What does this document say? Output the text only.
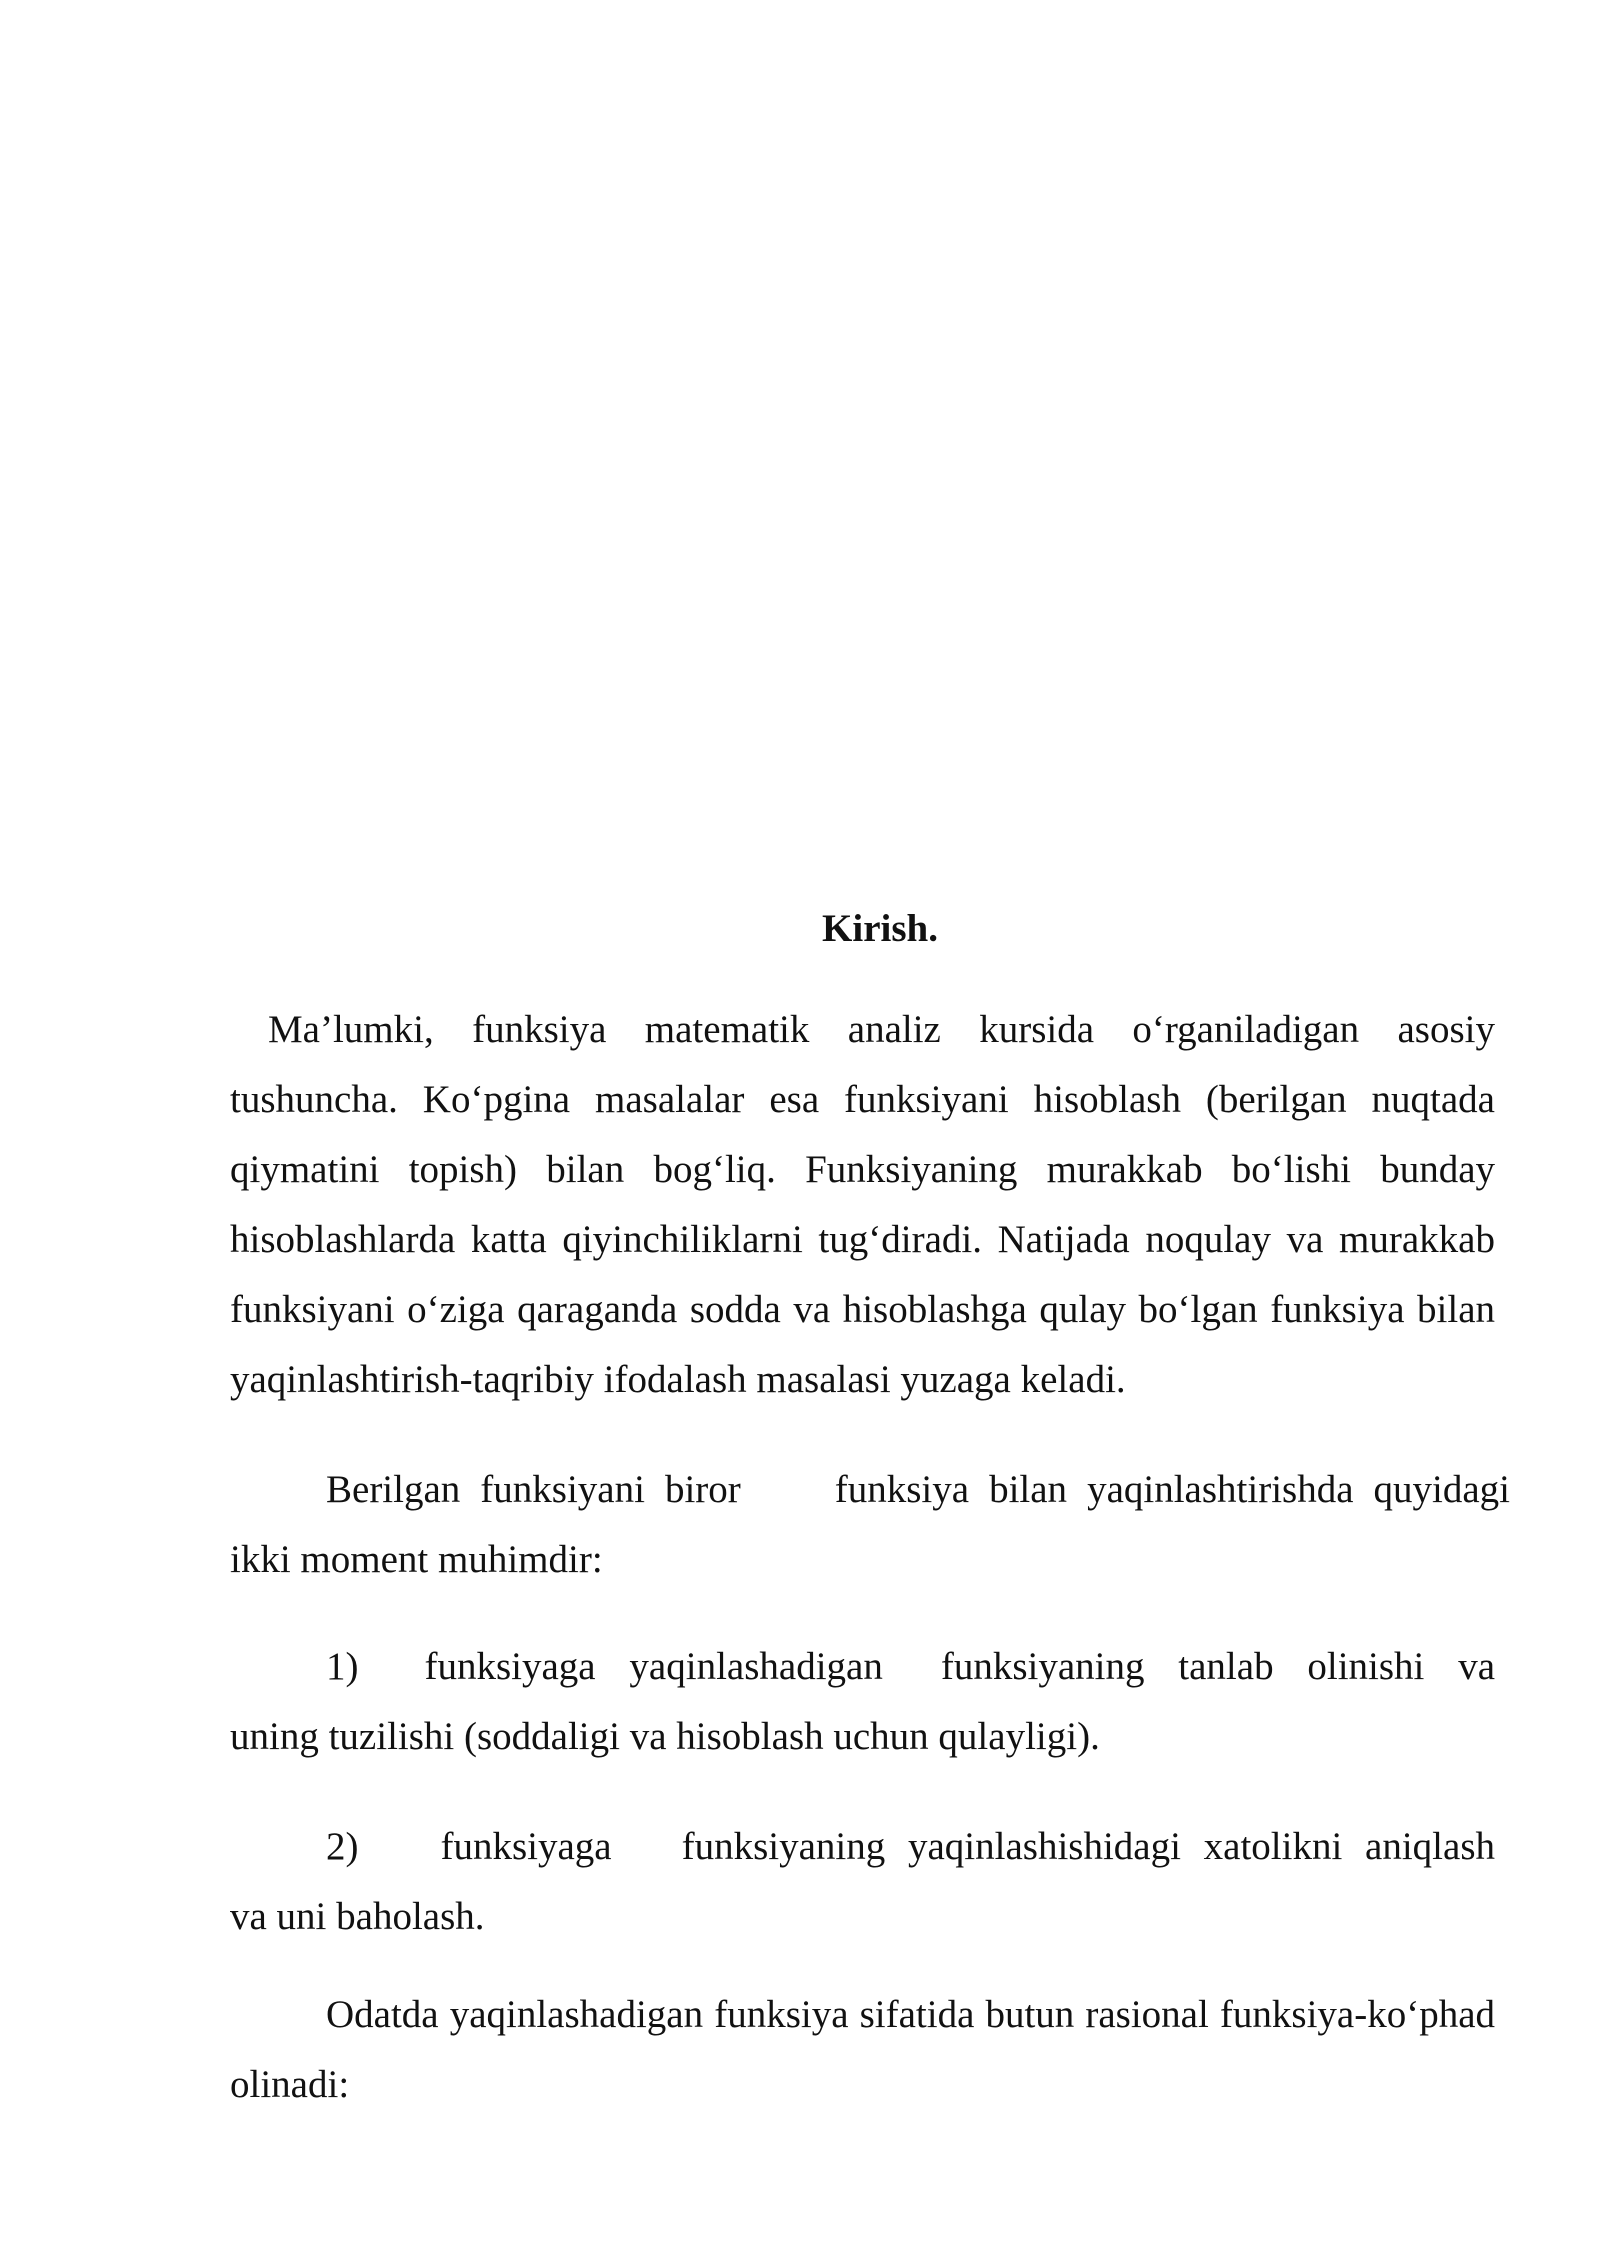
Kirish.

Ma’lumki, funksiya matematik analiz kursida o‘rganiladigan asosiy tushuncha. Ko‘pgina masalalar esa funksiyani hisoblash (berilgan nuqtada qiymatini topish) bilan bog‘liq. Funksiyaning murakkab bo‘lishi bunday hisoblashlarda katta qiyinchiliklarni tug‘diradi. Natijada noqulay va murakkab funksiyani o‘ziga qaraganda sodda va hisoblashga qulay bo‘lgan funksiya bilan yaqinlashtirish-taqribiy ifodalash masalasi yuzaga keladi.

Berilgan funksiyani biror funksiya bilan yaqinlashtirishda quyidagi ikki moment muhimdir:

1) funksiyaga yaqinlashadigan funksiyaning tanlab olinishi va uning tuzilishi (soddaligi va hisoblash uchun qulayligi).

2) funksiyaga funksiyaning yaqinlashishidagi xatolikni aniqlash va uni baholash.

Odatda yaqinlashadigan funksiya sifatida butun rasional funksiya-ko‘phad olinadi:
